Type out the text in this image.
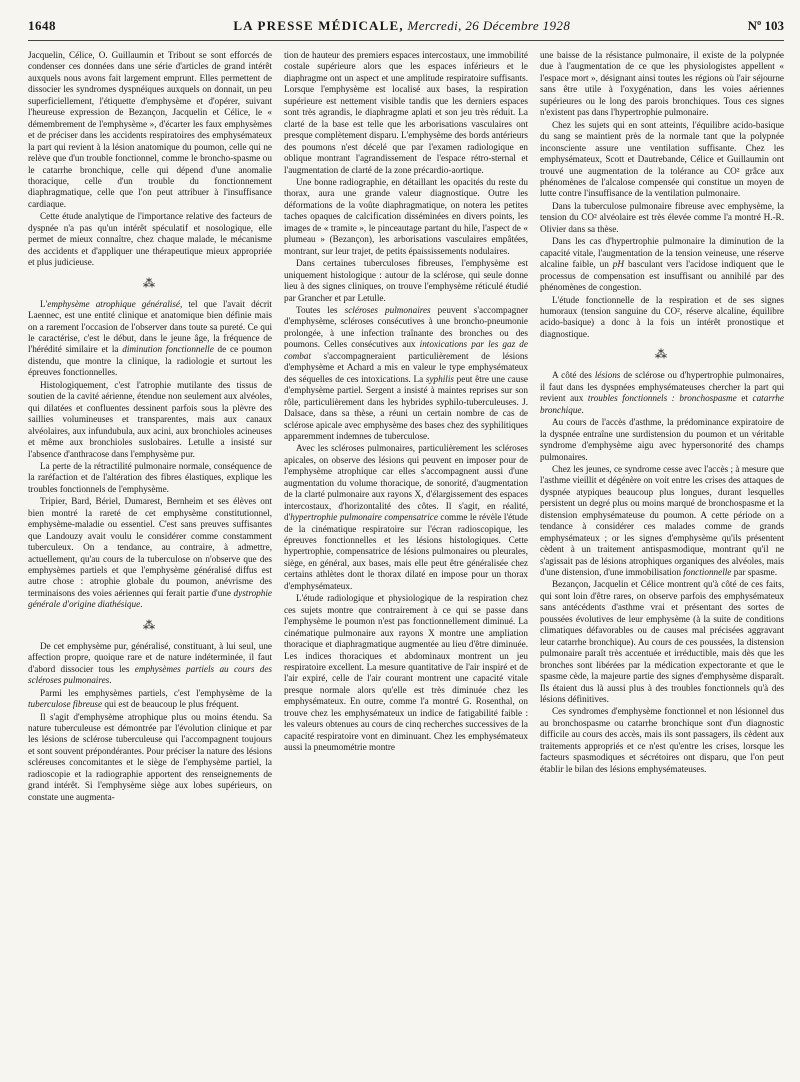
1648	LA PRESSE MÉDICALE, Mercredi, 26 Décembre 1928	Nº 103

Jacquelin, Célice, O. Guillaumin et Tribout se sont efforcés de condenser ces données dans une série d'articles de grand intérêt auxquels nous avons fait largement emprunt. Elles permettent de dissocier les syndromes dyspnéiques auxquels on donnait, un peu superficiellement, l'étiquette d'emphysème et d'opérer, suivant l'heureuse expression de Bezançon, Jacquelin et Célice, le « démembrement de l'emphysème », d'écarter les faux emphysèmes et de préciser dans les accidents respiratoires des emphysémateux la part qui revient à la lésion anatomique du poumon, celle qui ne relève que d'un trouble fonctionnel, comme le broncho-spasme ou le catarrhe bronchique, celle qui dépend d'une anomalie thoracique, celle d'un trouble du fonctionnement diaphragmatique, celle que l'on peut attribuer à l'insuffisance cardiaque.

Cette étude analytique de l'importance relative des facteurs de dyspnée n'a pas qu'un intérêt spéculatif et nosologique, elle permet de mieux connaître, chez chaque malade, le mécanisme des accidents et d'appliquer une thérapeutique mieux appropriée et plus judicieuse.

⁂

L'emphysème atrophique généralisé, tel que l'avait décrit Laennec, est une entité clinique et anatomique bien définie mais on a rarement l'occasion de l'observer dans toute sa pureté. Ce qui le caractérise, c'est le début, dans le jeune âge, la fréquence de l'hérédité similaire et la diminution fonctionnelle de ce poumon distendu, que montre la clinique, la radiologie et surtout les épreuves fonctionnelles.

Histologiquement, c'est l'atrophie mutilante des tissus de soutien de la cavité aérienne, étendue non seulement aux alvéoles, qui dilatées et confluentes dessinent parfois sous la plèvre des saillies volumineuses et transparentes, mais aux canaux alvéolaires, aux infundubula, aux acini, aux bronchioles acineuses et même aux bronchioles suslobaires. Letulle a insisté sur l'absence d'anthracose dans l'emphysème pur.

La perte de la rétractilité pulmonaire normale, conséquence de la raréfaction et de l'altération des fibres élastiques, explique les troubles fonctionnels de l'emphysème.

Tripier, Bard, Bériel, Dumarest, Bernheim et ses élèves ont bien montré la rareté de cet emphysème constitutionnel, emphysème-maladie ou essentiel. C'est sans preuves suffisantes que Landouzy avait voulu le considérer comme constamment tuberculeux. On a tendance, au contraire, à admettre, actuellement, qu'au cours de la tuberculose on n'observe que des emphysèmes partiels et que l'emphysème généralisé diffus est autre chose : atrophie globale du poumon, anévrisme des terminaisons des voies aériennes qui ferait partie d'une dystrophie générale d'origine diathésique.

⁂

De cet emphysème pur, généralisé, constituant, à lui seul, une affection propre, quoique rare et de nature indéterminée, il faut d'abord dissocier tous les emphysèmes partiels au cours des scléroses pulmonaires.

Parmi les emphysèmes partiels, c'est l'emphysème de la tuberculose fibreuse qui est de beaucoup le plus fréquent.

Il s'agit d'emphysème atrophique plus ou moins étendu. Sa nature tuberculeuse est démontrée par l'évolution clinique et par les lésions de sclérose tuberculeuse qui l'accompagnent toujours et sont souvent prépondérantes. Pour préciser la nature des lésions scléreuses concomitantes et le siège de l'emphysème partiel, la radioscopie et la radiographie apportent des renseignements de grand intérêt. Si l'emphysème siège aux lobes supérieurs, on constate une augmenta-

tion de hauteur des premiers espaces intercostaux, une immobilité costale supérieure alors que les espaces inférieurs et le diaphragme ont un aspect et une amplitude respiratoire suffisants. Lorsque l'emphysème est localisé aux bases, la respiration supérieure est nettement visible tandis que les derniers espaces sont très agrandis, le diaphragme aplati et son jeu très réduit. La clarté de la base est telle que les arborisations vasculaires ont presque complètement disparu. L'emphysème des bords antérieurs des poumons n'est décelé que par l'examen radiologique en oblique montrant l'agrandissement de l'espace rétro-sternal et l'augmentation de clarté de la zone précardio-aortique.

Une bonne radiographie, en détaillant les opacités du reste du thorax, aura une grande valeur diagnostique. Outre les déformations de la voûte diaphragmatique, on notera les petites taches opaques de calcification disséminées en divers points, les images de « tramite », le pinceautage partant du hile, l'aspect de « plumeau » (Bezançon), les arborisations vasculaires empâtées, montrant, sur leur trajet, de petits épaississements nodulaires.

Dans certaines tuberculoses fibreuses, l'emphysème est uniquement histologique : autour de la sclérose, qui seule donne lieu à des signes cliniques, on trouve l'emphysème réticulé étudié par Grancher et par Letulle.

Toutes les scléroses pulmonaires peuvent s'accompagner d'emphysème, scléroses consécutives à une broncho-pneumonie prolongée, à une infection traînante des bronches ou des poumons. Celles consécutives aux intoxications par les gaz de combat s'accompagneraient particulièrement de lésions d'emphysème et Achard a mis en valeur le type emphysémateux des séquelles de ces intoxications. La syphilis peut être une cause d'emphysème partiel. Sergent a insisté à maintes reprises sur son rôle, particulièrement dans les hybrides syphilo-tuberculeuses. J. Dalsace, dans sa thèse, a réuni un certain nombre de cas de sclérose apicale avec emphysème des bases chez des syphilitiques apparemment indemnes de tuberculose.

Avec les scléroses pulmonaires, particulièrement les scléroses apicales, on observe des lésions qui peuvent en imposer pour de l'emphysème atrophique car elles s'accompagnent aussi d'une augmentation du volume thoracique, de sonorité, d'augmentation de la clarté pulmonaire aux rayons X, d'élargissement des espaces intercostaux, d'horizontalité des côtes. Il s'agit, en réalité, d'hypertrophie pulmonaire compensatrice comme le révèle l'étude de la cinématique respiratoire sur l'écran radioscopique, les épreuves fonctionnelles et les lésions histologiques. Cette hypertrophie, compensatrice de lésions pulmonaires ou pleurales, siège, en général, aux bases, mais elle peut être généralisée chez certains athlètes dont le thorax dilaté en impose pour un thorax d'emphysémateux.

L'étude radiologique et physiologique de la respiration chez ces sujets montre que contrairement à ce qui se passe dans l'emphysème le poumon n'est pas fonctionnellement diminué. La cinématique pulmonaire aux rayons X montre une ampliation thoracique et diaphragmatique augmentée au lieu d'être diminuée. Les indices thoraciques et abdominaux montrent un jeu respiratoire excellent. La mesure quantitative de l'air inspiré et de l'air expiré, celle de l'air courant montrent une capacité vitale presque normale alors qu'elle est très diminuée chez les emphysémateux. En outre, comme l'a montré G. Rosenthal, on trouve chez les emphysémateux un indice de fatigabilité faible : les valeurs obtenues au cours de cinq recherches successives de la capacité respiratoire vont en diminuant. Chez les emphysémateux aussi la pneumométrie montre

une baisse de la résistance pulmonaire, il existe de la polypnée due à l'augmentation de ce que les physiologistes appellent « l'espace mort », désignant ainsi toutes les régions où l'air séjourne sans être utile à l'oxygénation, dans les voies aériennes supérieures ou le long des parois bronchiques. Tous ces signes n'existent pas dans l'hypertrophie pulmonaire.

Chez les sujets qui en sont atteints, l'équilibre acido-basique du sang se maintient près de la normale tant que la polypnée inconsciente assure une ventilation suffisante. Chez les emphysémateux, Scott et Dautrebande, Célice et Guillaumin ont trouvé une augmentation de la tolérance au CO² grâce aux phénomènes de l'alcalose compensée qui constitue un moyen de lutte contre l'insuffisance de la ventilation pulmonaire.

Dans la tuberculose pulmonaire fibreuse avec emphysème, la tension du CO² alvéolaire est très élevée comme l'a montré H.-R. Olivier dans sa thèse.

Dans les cas d'hypertrophie pulmonaire la diminution de la capacité vitale, l'augmentation de la tension veineuse, une réserve alcaline faible, un pH basculant vers l'acidose indiquent que le processus de compensation est insuffisant ou annihilé par des phénomènes de congestion.

L'étude fonctionnelle de la respiration et de ses signes humoraux (tension sanguine du CO², réserve alcaline, équilibre acido-basique) a donc à la fois un intérêt pronostique et diagnostique.

⁂

A côté des lésions de sclérose ou d'hypertrophie pulmonaires, il faut dans les dyspnées emphysémateuses chercher la part qui revient aux troubles fonctionnels : bronchospasme et catarrhe bronchique.

Au cours de l'accès d'asthme, la prédominance expiratoire de la dyspnée entraîne une surdistension du poumon et un véritable syndrome d'emphysème aigu avec hypersonorité des champs pulmonaires.

Chez les jeunes, ce syndrome cesse avec l'accès ; à mesure que l'asthme vieillit et dégénère on voit entre les crises des attaques de dyspnée atypiques beaucoup plus longues, durant lesquelles persistent un degré plus ou moins marqué de bronchospasme et la distension emphysémateuse du poumon. A cette période on a tendance à considérer ces malades comme de grands emphysémateux ; or les signes d'emphysème qu'ils présentent cèdent à un traitement antispasmodique, montrant qu'il ne s'agissait pas de lésions atrophiques organiques des alvéoles, mais d'une distension, d'une immobilisation fonctionnelle par spasme.

Bezançon, Jacquelin et Célice montrent qu'à côté de ces faits, qui sont loin d'être rares, on observe parfois des emphysémateux sans antécédents d'asthme vrai et présentant des sortes de poussées évolutives de leur emphysème (à la suite de conditions climatiques défavorables ou de causes mal précisées aggravant leur catarrhe bronchique). Au cours de ces poussées, la distension pulmonaire paraît très accentuée et irréductible, mais dès que les bronches sont libérées par la médication expectorante et que le spasme cède, la majeure partie des signes d'emphysème disparaît. Ils étaient dus là aussi plus à des troubles fonctionnels qu'à des lésions définitives.

Ces syndromes d'emphysème fonctionnel et non lésionnel dus au bronchospasme ou catarrhe bronchique sont d'un diagnostic difficile au cours des accès, mais ils sont passagers, ils cèdent aux traitements appropriés et ce n'est qu'entre les crises, lorsque les facteurs spasmodiques et sécrétoires ont disparu, que l'on peut établir le bilan des lésions emphysémateuses.
